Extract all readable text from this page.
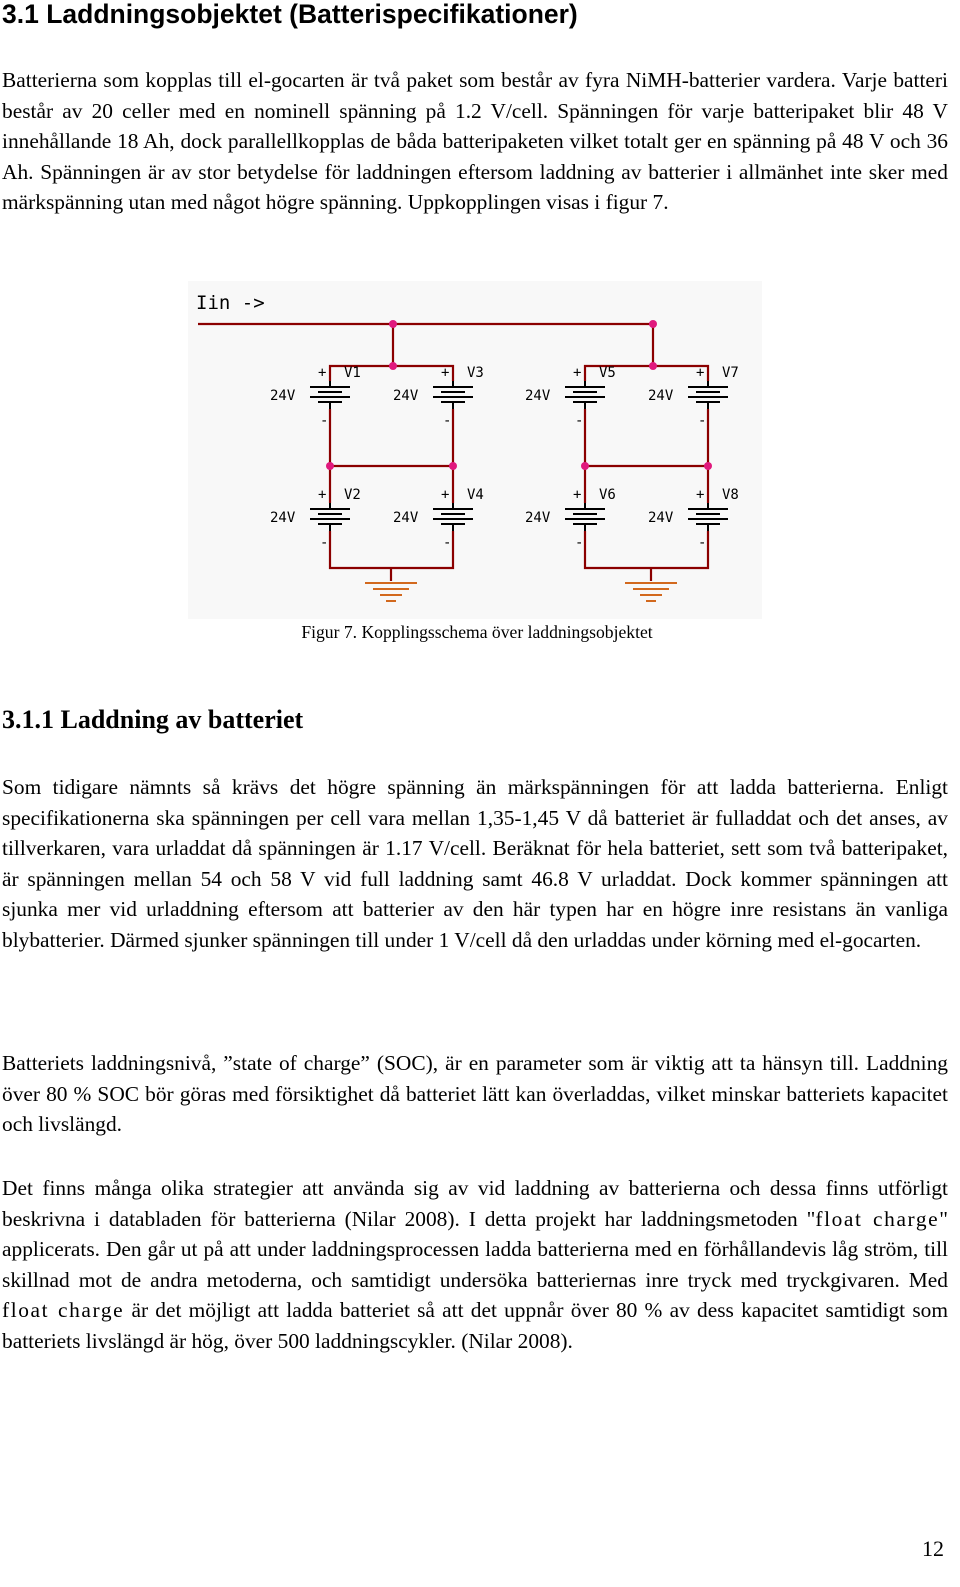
3.1 Laddningsobjektet (Batterispecifikationer)

Batterierna som kopplas till el-gocarten är två paket som består av fyra NiMH-batterier vardera. Varje batteri består av 20 celler med en nominell spänning på 1.2 V/cell. Spänningen för varje batteripaket blir 48 V innehållande 18 Ah, dock parallellkopplas de båda batteripaketen vilket totalt ger en spänning på 48 V och 36 Ah. Spänningen är av stor betydelse för laddningen eftersom laddning av batterier i allmänhet inte sker med märkspänning utan med något högre spänning. Uppkopplingen visas i figur 7.

Iin ->
+
-
V1
24V
+
-
V3
24V
+
-
V5
24V
+
-
V7
24V
+
-
V2
24V
+
-
V4
24V
+
-
V6
24V
+
-
V8
24V
Figur 7. Kopplingsschema över laddningsobjektet
3.1.1 Laddning av batteriet

Som tidigare nämnts så krävs det högre spänning än märkspänningen för att ladda batterierna. Enligt specifikationerna ska spänningen per cell vara mellan 1,35-1,45 V då batteriet är fulladdat och det anses, av tillverkaren, vara urladdat då spänningen är 1.17 V/cell. Beräknat för hela batteriet, sett som två batteripaket, är spänningen mellan 54 och 58 V vid full laddning samt 46.8 V urladdat. Dock kommer spänningen att sjunka mer vid urladdning eftersom att batterier av den här typen har en högre inre resistans än vanliga blybatterier. Därmed sjunker spänningen till under 1 V/cell då den urladdas under körning med el-gocarten.

Batteriets laddningsnivå, ”state of charge” (SOC), är en parameter som är viktig att ta hänsyn till. Laddning över 80 % SOC bör göras med försiktighet då batteriet lätt kan överladdas, vilket minskar batteriets kapacitet och livslängd.

Det finns många olika strategier att använda sig av vid laddning av batterierna och dessa finns utförligt beskrivna i databladen för batterierna (Nilar 2008). I detta projekt har laddningsmetoden "float charge" applicerats. Den går ut på att under laddningsprocessen ladda batterierna med en förhållandevis låg ström, till skillnad mot de andra metoderna, och samtidigt undersöka batteriernas inre tryck med tryckgivaren. Med float charge är det möjligt att ladda batteriet så att det uppnår över 80 % av dess kapacitet samtidigt som batteriets livslängd är hög, över 500 laddningscykler. (Nilar 2008).

12
